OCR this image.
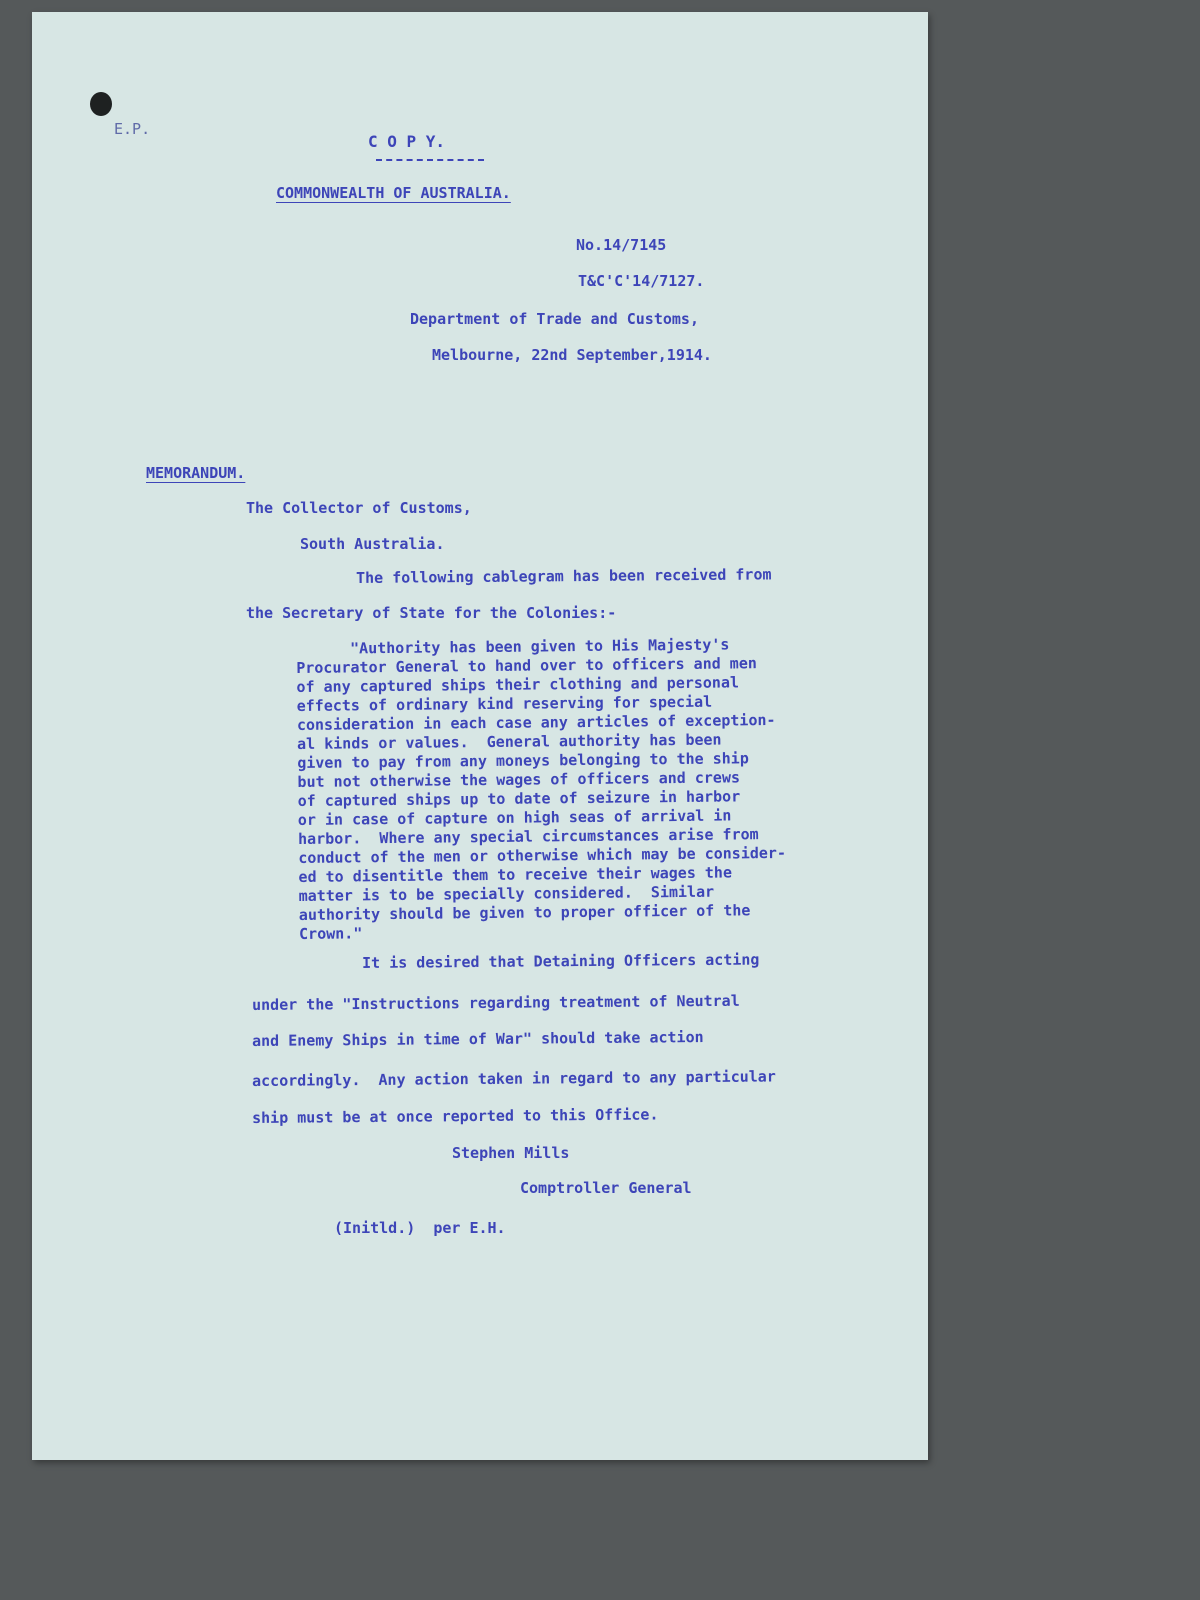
E.P.

C O P Y.

COMMONWEALTH OF AUSTRALIA.

No.14/7145

T&C'C'14/7127.

Department of Trade and Customs,

Melbourne, 22nd September,1914.

MEMORANDUM.

The Collector of Customs,

South Australia.

The following cablegram has been received from

the Secretary of State for the Colonies:-

"Authority has been given to His Majesty's
Procurator General to hand over to officers and men
of any captured ships their clothing and personal
effects of ordinary kind reserving for special
consideration in each case any articles of exception-
al kinds or values.  General authority has been
given to pay from any moneys belonging to the ship
but not otherwise the wages of officers and crews
of captured ships up to date of seizure in harbor
or in case of capture on high seas of arrival in
harbor.  Where any special circumstances arise from
conduct of the men or otherwise which may be consider-
ed to disentitle them to receive their wages the
matter is to be specially considered.  Similar
authority should be given to proper officer of the
Crown."

It is desired that Detaining Officers acting

under the "Instructions regarding treatment of Neutral

and Enemy Ships in time of War" should take action

accordingly.  Any action taken in regard to any particular

ship must be at once reported to this Office.

Stephen Mills

Comptroller General

(Initld.)  per E.H.
